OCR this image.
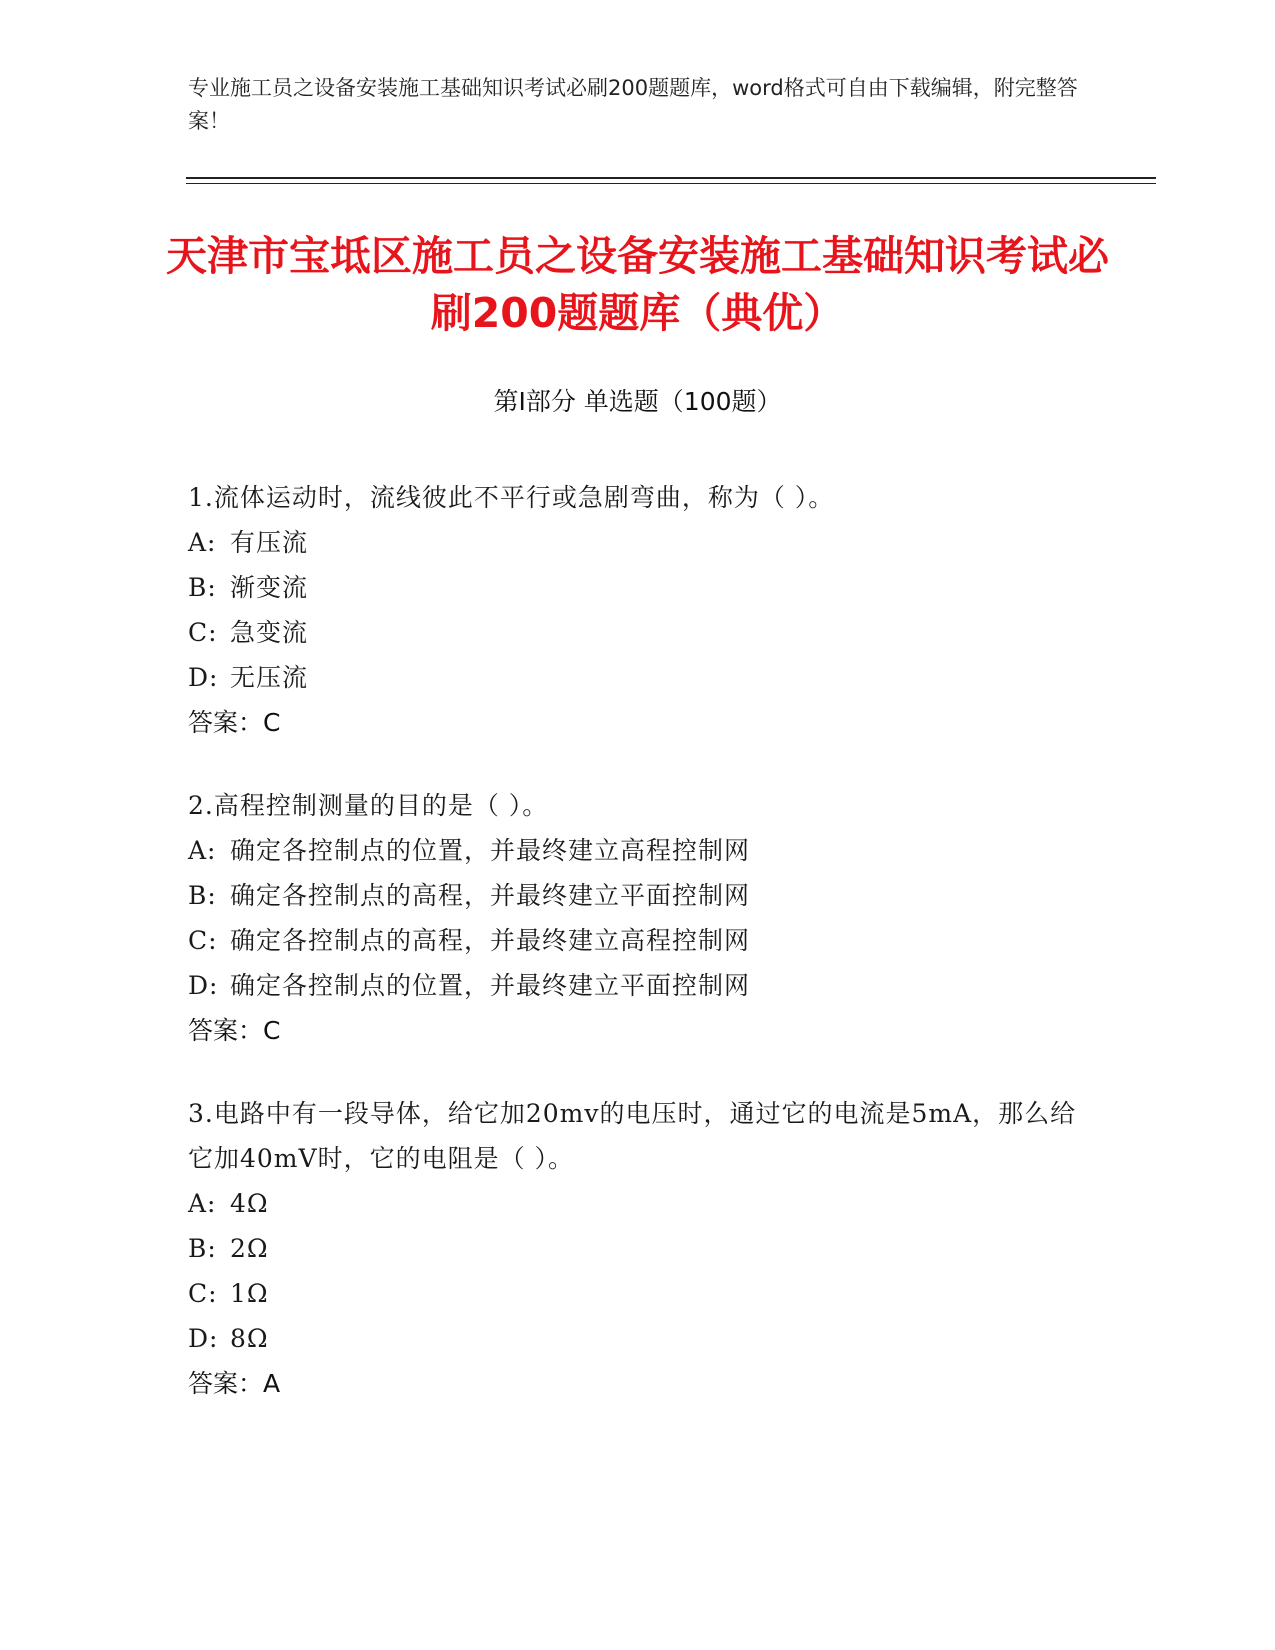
专业施工员之设备安装施工基础知识考试必刷200题题库，word格式可自由下载编辑，附完整答案！
天津市宝坻区施工员之设备安装施工基础知识考试必刷200题题库（典优）
第Ⅰ部分 单选题（100题）
1.流体运动时，流线彼此不平行或急剧弯曲，称为（ ）。
A: 有压流
B: 渐变流
C: 急变流
D: 无压流
答案：C
2.高程控制测量的目的是（ ）。
A: 确定各控制点的位置，并最终建立高程控制网
B: 确定各控制点的高程，并最终建立平面控制网
C: 确定各控制点的高程，并最终建立高程控制网
D: 确定各控制点的位置，并最终建立平面控制网
答案：C
3.电路中有一段导体，给它加20mv的电压时，通过它的电流是5mA，那么给它加40mV时，它的电阻是（ ）。
A: 4Ω
B: 2Ω
C: 1Ω
D: 8Ω
答案：A
